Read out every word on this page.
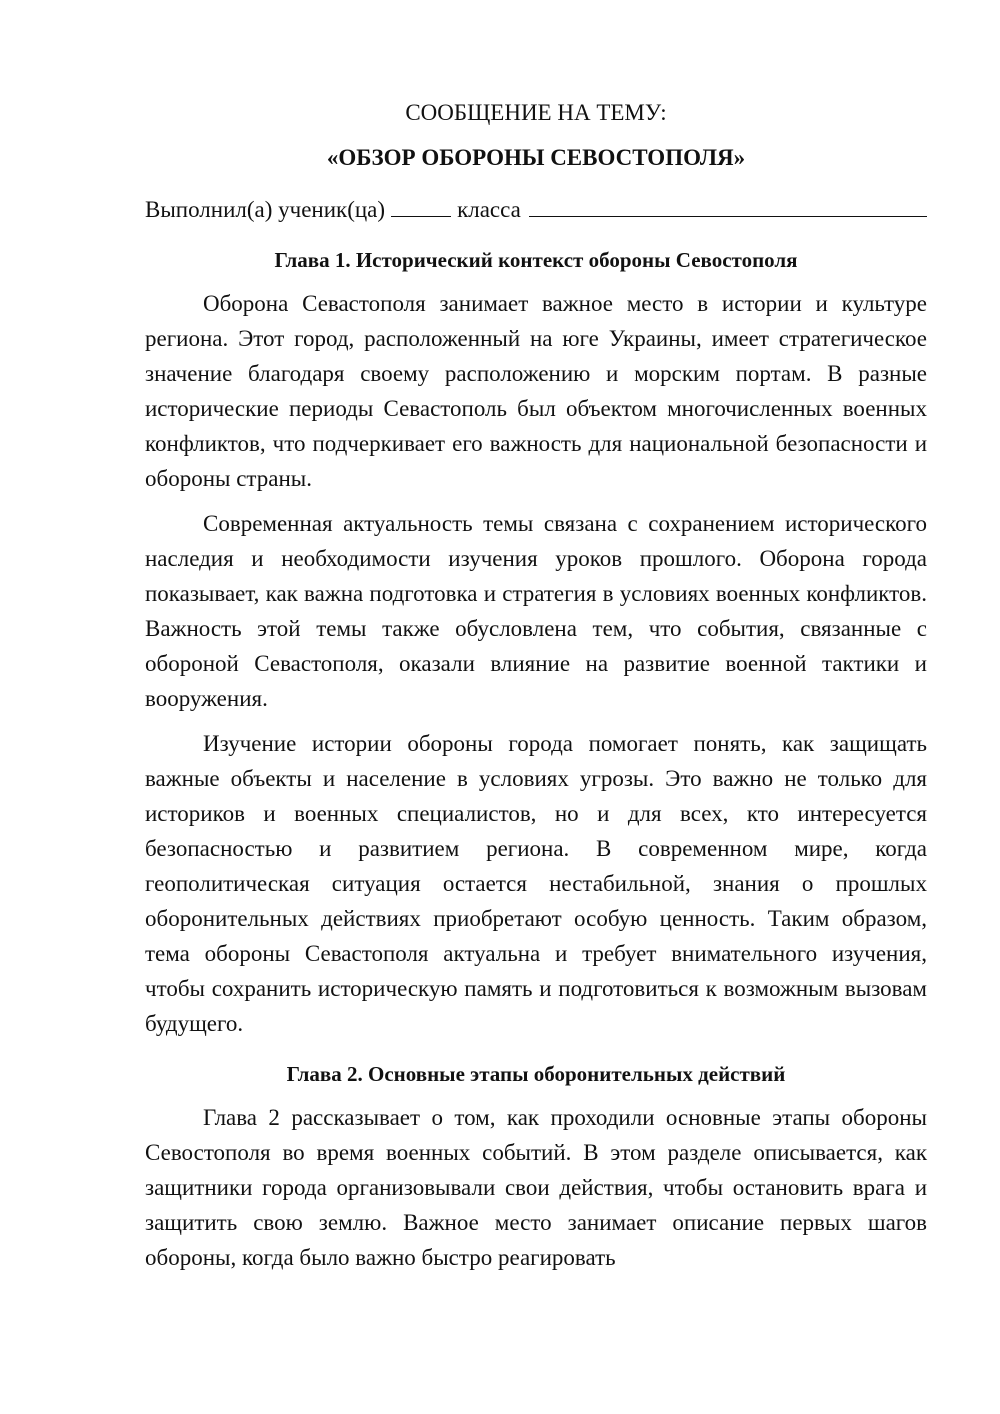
СООБЩЕНИЕ НА ТЕМУ:

«ОБЗОР ОБОРОНЫ СЕВОСТОПОЛЯ»

Выполнил(а) ученик(ца)	класса
Глава 1. Исторический контекст обороны Севостополя

Оборона Севастополя занимает важное место в истории и культуре региона. Этот город, расположенный на юге Украины, имеет стратегическое значение благодаря своему расположению и морским портам. В разные исторические периоды Севастополь был объектом многочисленных военных конфликтов, что подчеркивает его важность для национальной безопасности и обороны страны.

Современная актуальность темы связана с сохранением исторического наследия и необходимости изучения уроков прошлого. Оборона города показывает, как важна подготовка и стратегия в условиях военных конфликтов. Важность этой темы также обусловлена тем, что события, связанные с обороной Севастополя, оказали влияние на развитие военной тактики и вооружения.

Изучение истории обороны города помогает понять, как защищать важные объекты и население в условиях угрозы. Это важно не только для историков и военных специалистов, но и для всех, кто интересуется безопасностью и развитием региона. В современном мире, когда геополитическая ситуация остается нестабильной, знания о прошлых оборонительных действиях приобретают особую ценность. Таким образом, тема обороны Севастополя актуальна и требует внимательного изучения, чтобы сохранить историческую память и подготовиться к возможным вызовам будущего.

Глава 2. Основные этапы оборонительных действий

Глава 2 рассказывает о том, как проходили основные этапы обороны Севостополя во время военных событий. В этом разделе описывается, как защитники города организовывали свои действия, чтобы остановить врага и защитить свою землю. Важное место занимает описание первых шагов обороны, когда было важно быстро реагировать
